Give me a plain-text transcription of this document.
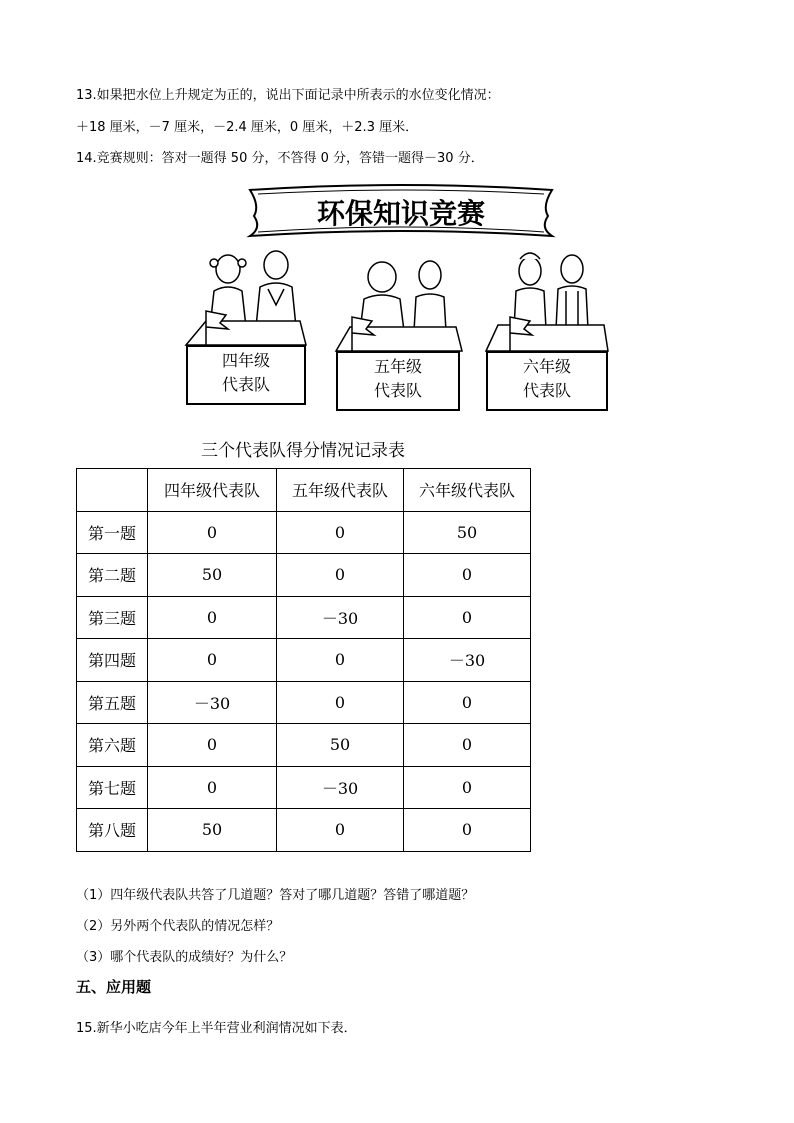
13.如果把水位上升规定为正的，说出下面记录中所表示的水位变化情况：
＋18 厘米，－7 厘米，－2.4 厘米，0 厘米，＋2.3 厘米．
14.竞赛规则：答对一题得 50 分，不答得 0 分，答错一题得－30 分．
环保知识竞赛
四年级
代表队
五年级
代表队
六年级
代表队
三个代表队得分情况记录表
	四年级代表队	五年级代表队	六年级代表队
第一题	0	0	50
第二题	50	0	0
第三题	0	－30	0
第四题	0	0	－30
第五题	－30	0	0
第六题	0	50	0
第七题	0	－30	0
第八题	50	0	0
（1）四年级代表队共答了几道题？答对了哪几道题？答错了哪道题？
（2）另外两个代表队的情况怎样？
（3）哪个代表队的成绩好？为什么？
五、应用题
15.新华小吃店今年上半年营业利润情况如下表．
